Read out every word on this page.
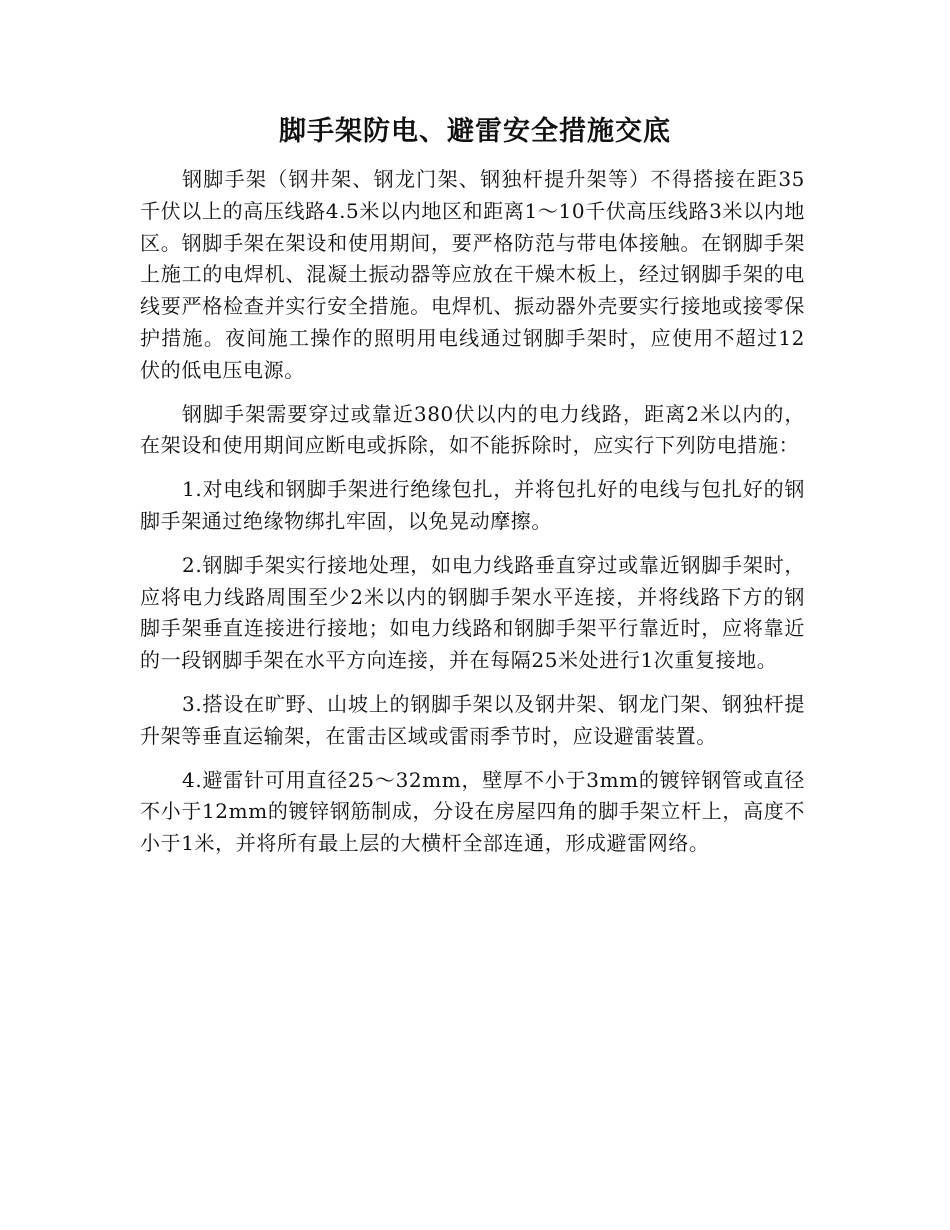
脚手架防电、避雷安全措施交底

钢脚手架（钢井架、钢龙门架、钢独杆提升架等）不得搭接在距35千伏以上的高压线路4.5米以内地区和距离1～10千伏高压线路3米以内地区。钢脚手架在架设和使用期间，要严格防范与带电体接触。在钢脚手架上施工的电焊机、混凝土振动器等应放在干燥木板上，经过钢脚手架的电线要严格检查并实行安全措施。电焊机、振动器外壳要实行接地或接零保护措施。夜间施工操作的照明用电线通过钢脚手架时，应使用不超过12伏的低电压电源。

钢脚手架需要穿过或靠近380伏以内的电力线路，距离2米以内的，在架设和使用期间应断电或拆除，如不能拆除时，应实行下列防电措施：

1.对电线和钢脚手架进行绝缘包扎，并将包扎好的电线与包扎好的钢脚手架通过绝缘物绑扎牢固，以免晃动摩擦。

2.钢脚手架实行接地处理，如电力线路垂直穿过或靠近钢脚手架时，应将电力线路周围至少2米以内的钢脚手架水平连接，并将线路下方的钢脚手架垂直连接进行接地；如电力线路和钢脚手架平行靠近时，应将靠近的一段钢脚手架在水平方向连接，并在每隔25米处进行1次重复接地。

3.搭设在旷野、山坡上的钢脚手架以及钢井架、钢龙门架、钢独杆提升架等垂直运输架，在雷击区域或雷雨季节时，应设避雷装置。

4.避雷针可用直径25～32mm，壁厚不小于3mm的镀锌钢管或直径不小于12mm的镀锌钢筋制成，分设在房屋四角的脚手架立杆上，高度不小于1米，并将所有最上层的大横杆全部连通，形成避雷网络。
